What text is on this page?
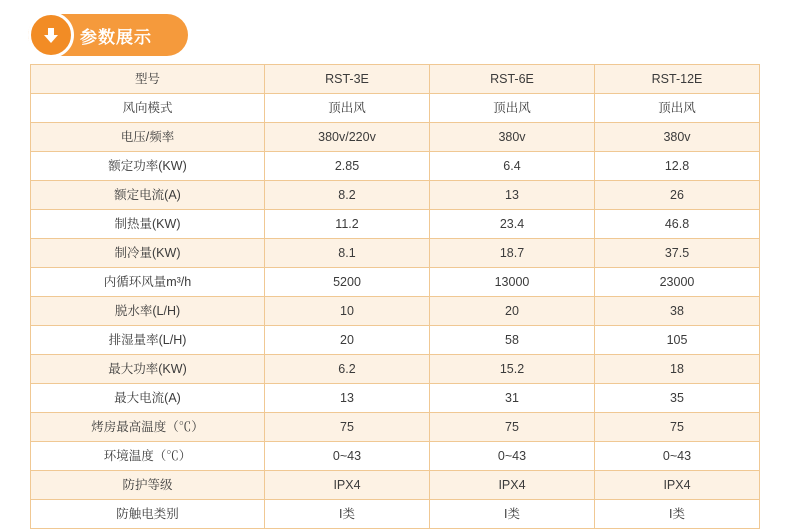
参数展示
型号	RST-3E	RST-6E	RST-12E
风向模式	顶出风	顶出风	顶出风
电压/频率	380v/220v	380v	380v
额定功率(KW)	2.85	6.4	12.8
额定电流(A)	8.2	13	26
制热量(KW)	11.2	23.4	46.8
制冷量(KW)	8.1	18.7	37.5
内循环风量m³/h	5200	13000	23000
脱水率(L/H)	10	20	38
排湿量率(L/H)	20	58	105
最大功率(KW)	6.2	15.2	18
最大电流(A)	13	31	35
烤房最高温度（℃）	75	75	75
环境温度（℃）	0~43	0~43	0~43
防护等级	IPX4	IPX4	IPX4
防触电类别	I类	I类	I类
